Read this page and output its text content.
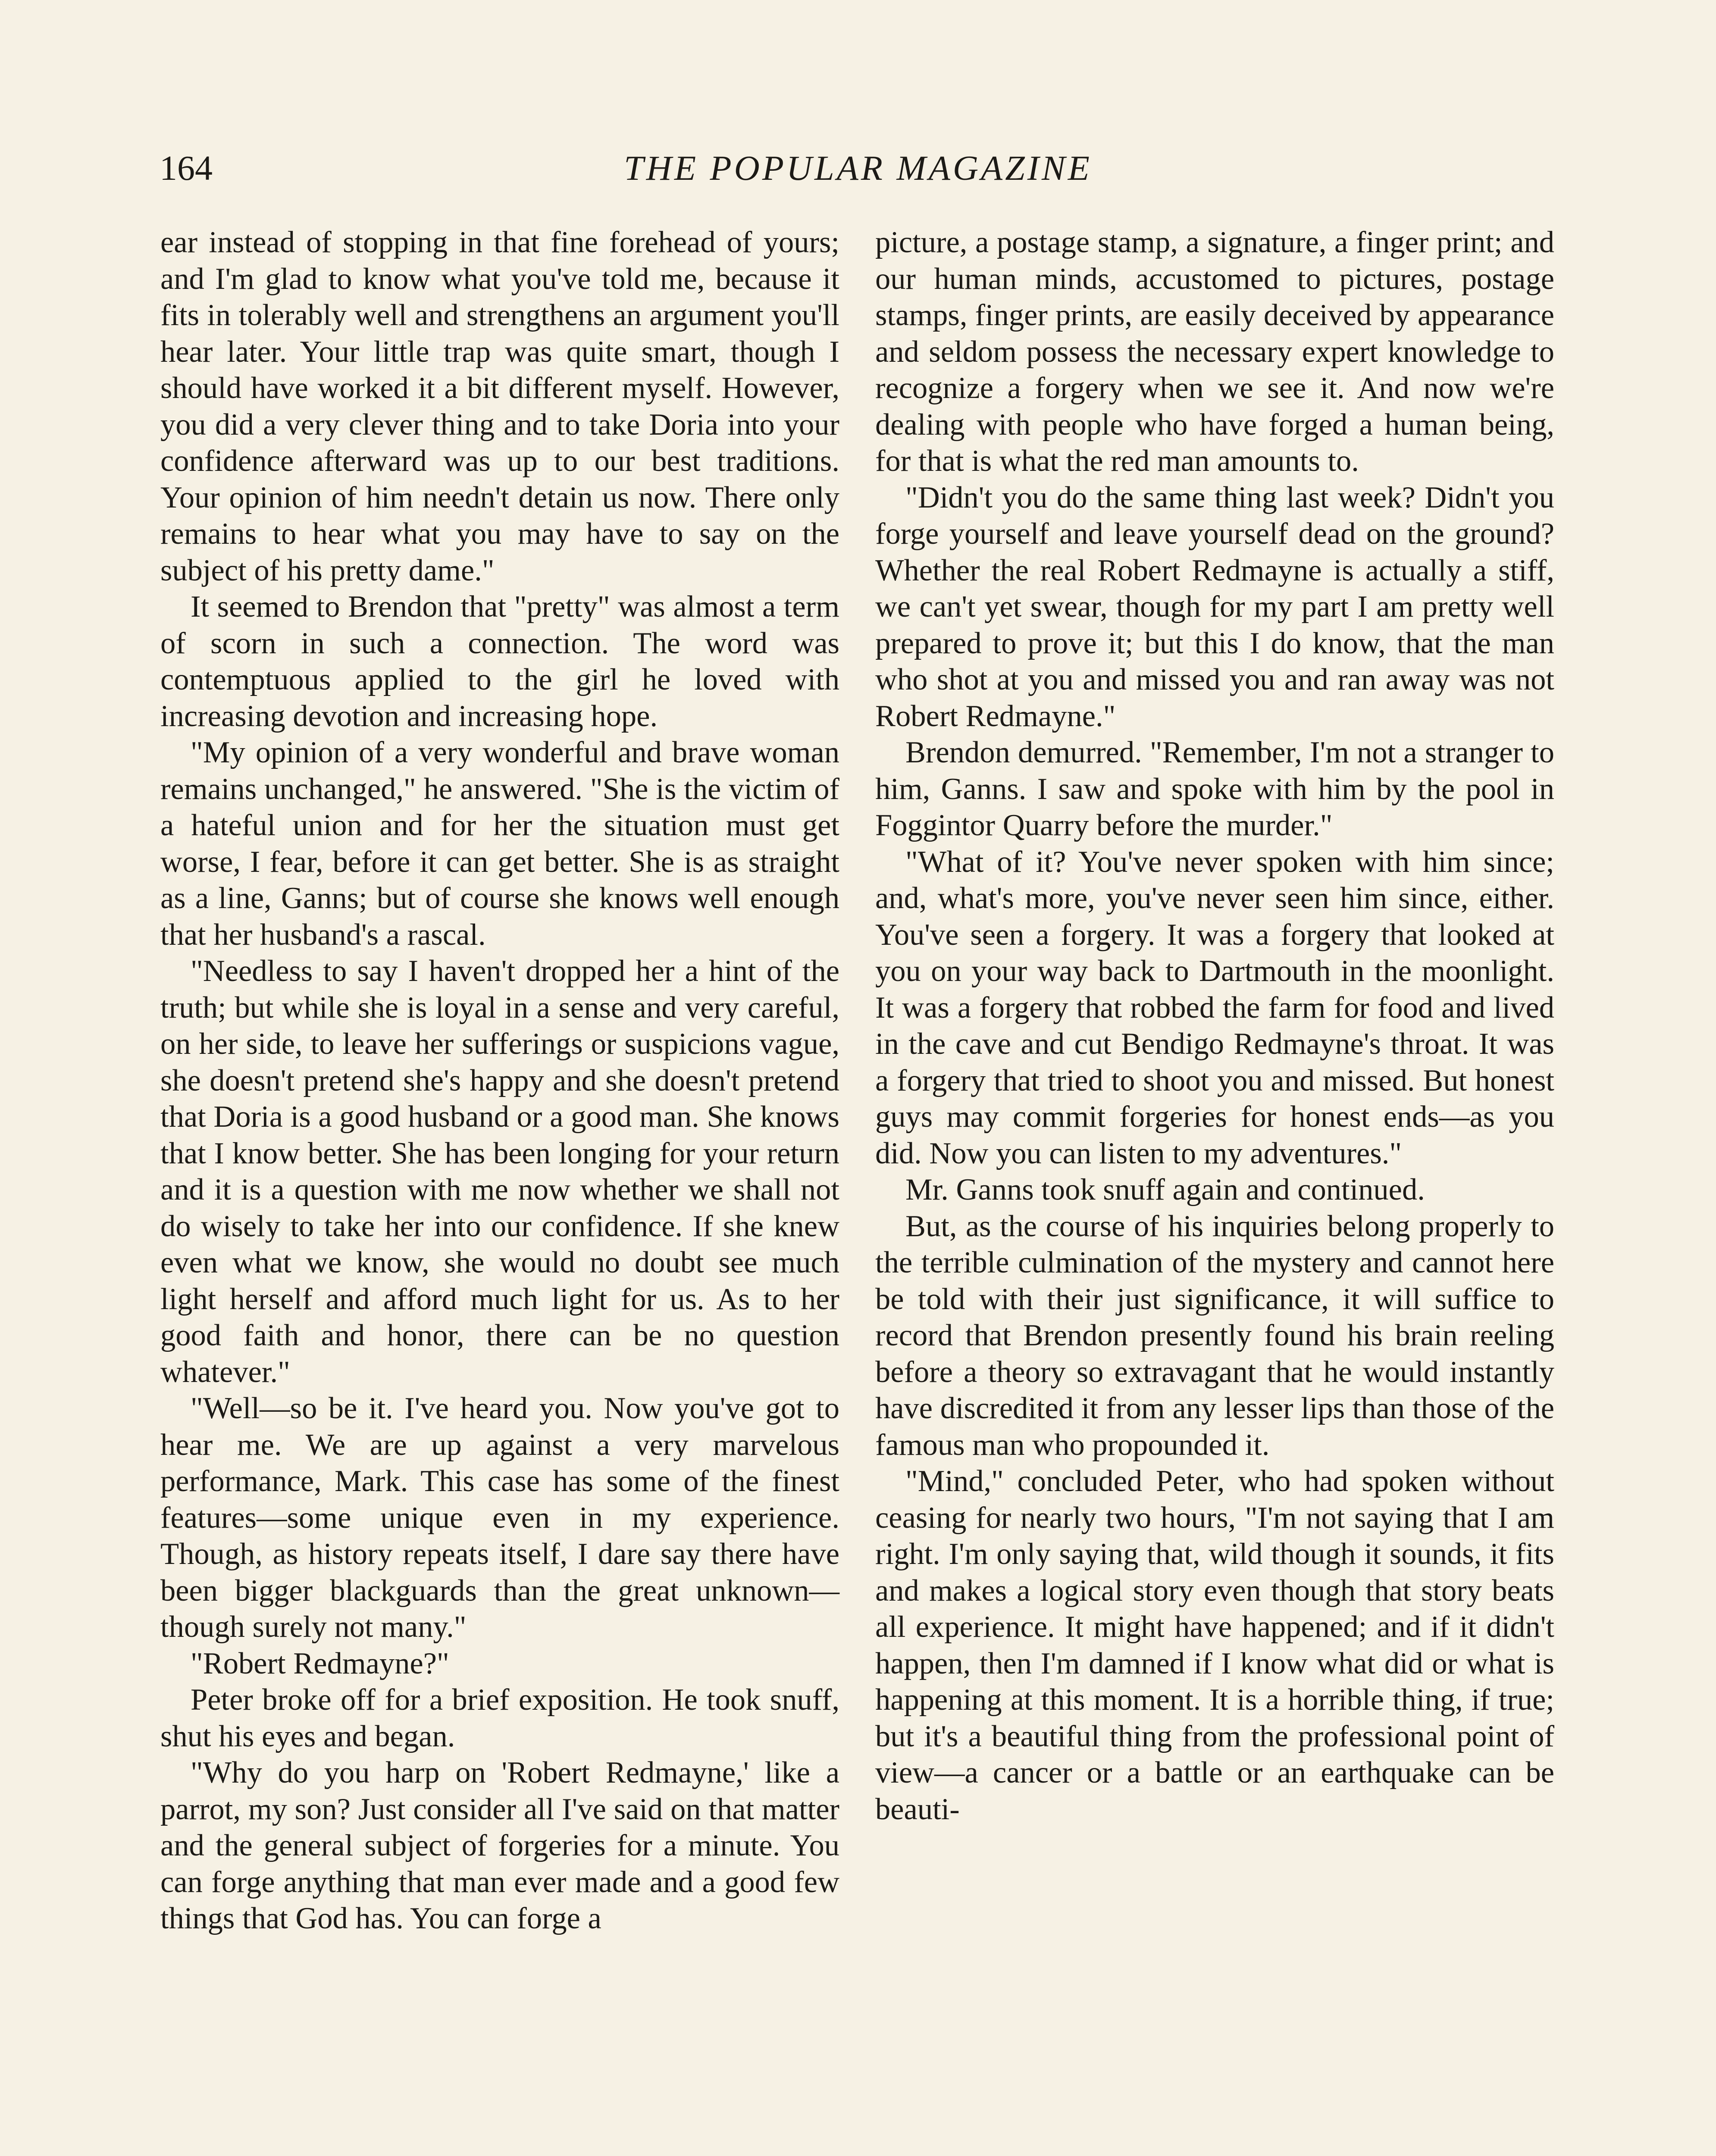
164	THE POPULAR MAGAZINE

ear instead of stopping in that fine forehead of yours; and I'm glad to know what you've told me, because it fits in tolerably well and strengthens an argument you'll hear later. Your little trap was quite smart, though I should have worked it a bit different myself. However, you did a very clever thing and to take Doria into your confidence afterward was up to our best traditions. Your opinion of him needn't detain us now. There only remains to hear what you may have to say on the subject of his pretty dame."

It seemed to Brendon that "pretty" was almost a term of scorn in such a connection. The word was contemptuous applied to the girl he loved with increasing devotion and increasing hope.

"My opinion of a very wonderful and brave woman remains unchanged," he answered. "She is the victim of a hateful union and for her the situation must get worse, I fear, before it can get better. She is as straight as a line, Ganns; but of course she knows well enough that her husband's a rascal.

"Needless to say I haven't dropped her a hint of the truth; but while she is loyal in a sense and very careful, on her side, to leave her sufferings or suspicions vague, she doesn't pretend she's happy and she doesn't pretend that Doria is a good husband or a good man. She knows that I know better. She has been longing for your return and it is a question with me now whether we shall not do wisely to take her into our confidence. If she knew even what we know, she would no doubt see much light herself and afford much light for us. As to her good faith and honor, there can be no question whatever."

"Well—so be it. I've heard you. Now you've got to hear me. We are up against a very marvelous performance, Mark. This case has some of the finest features—some unique even in my experience. Though, as history repeats itself, I dare say there have been bigger blackguards than the great unknown—though surely not many."

"Robert Redmayne?"

Peter broke off for a brief exposition. He took snuff, shut his eyes and began.

"Why do you harp on 'Robert Redmayne,' like a parrot, my son? Just consider all I've said on that matter and the general subject of forgeries for a minute. You can forge anything that man ever made and a good few things that God has. You can forge a

picture, a postage stamp, a signature, a finger print; and our human minds, accustomed to pictures, postage stamps, finger prints, are easily deceived by appearance and seldom possess the necessary expert knowledge to recognize a forgery when we see it. And now we're dealing with people who have forged a human being, for that is what the red man amounts to.

"Didn't you do the same thing last week? Didn't you forge yourself and leave yourself dead on the ground? Whether the real Robert Redmayne is actually a stiff, we can't yet swear, though for my part I am pretty well prepared to prove it; but this I do know, that the man who shot at you and missed you and ran away was not Robert Redmayne."

Brendon demurred. "Remember, I'm not a stranger to him, Ganns. I saw and spoke with him by the pool in Foggintor Quarry before the murder."

"What of it? You've never spoken with him since; and, what's more, you've never seen him since, either. You've seen a forgery. It was a forgery that looked at you on your way back to Dartmouth in the moonlight. It was a forgery that robbed the farm for food and lived in the cave and cut Bendigo Redmayne's throat. It was a forgery that tried to shoot you and missed. But honest guys may commit forgeries for honest ends—as you did. Now you can listen to my adventures."

Mr. Ganns took snuff again and continued.

But, as the course of his inquiries belong properly to the terrible culmination of the mystery and cannot here be told with their just significance, it will suffice to record that Brendon presently found his brain reeling before a theory so extravagant that he would instantly have discredited it from any lesser lips than those of the famous man who propounded it.

"Mind," concluded Peter, who had spoken without ceasing for nearly two hours, "I'm not saying that I am right. I'm only saying that, wild though it sounds, it fits and makes a logical story even though that story beats all experience. It might have happened; and if it didn't happen, then I'm damned if I know what did or what is happening at this moment. It is a horrible thing, if true; but it's a beautiful thing from the professional point of view—a cancer or a battle or an earthquake can be beauti-
